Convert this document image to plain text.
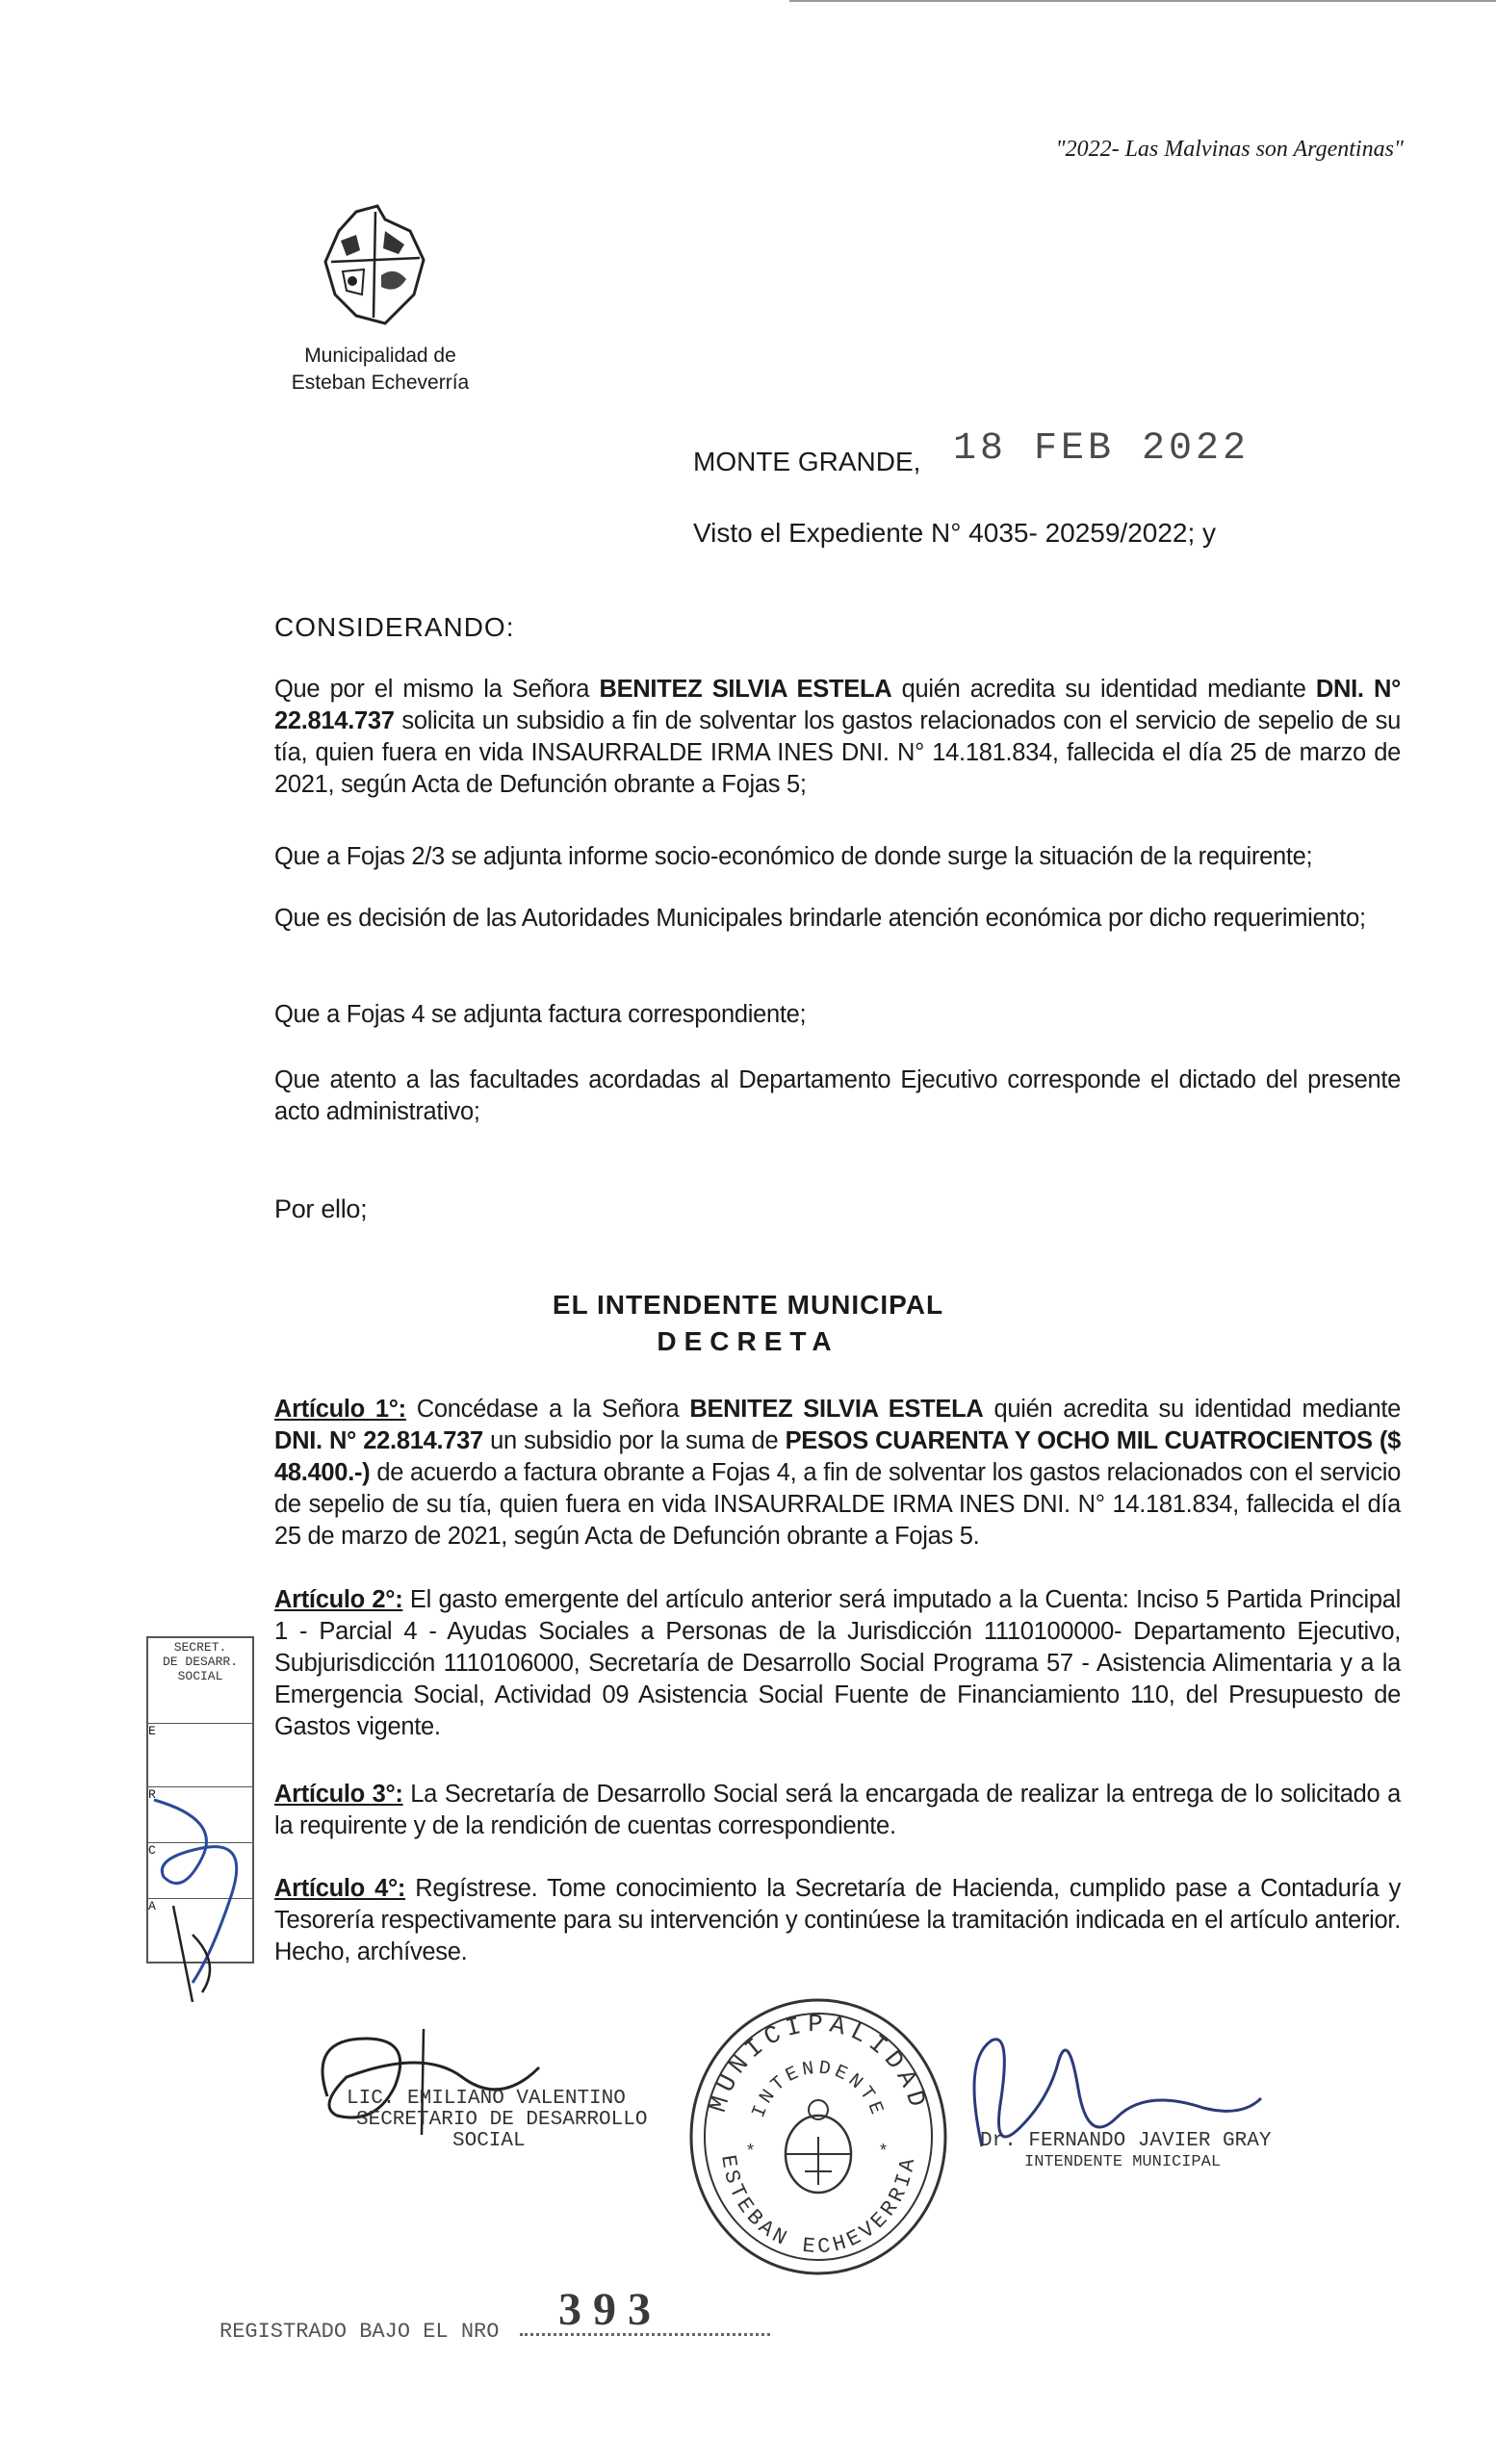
"2022- Las Malvinas son Argentinas"
Municipalidad de
Esteban Echeverría
MONTE GRANDE, 18 FEB 2022
Visto el Expediente N° 4035- 20259/2022; y
CONSIDERANDO:
Que por el mismo la Señora BENITEZ SILVIA ESTELA quién acredita su identidad mediante DNI. N° 22.814.737 solicita un subsidio a fin de solventar los gastos relacionados con el servicio de sepelio de su tía, quien fuera en vida INSAURRALDE IRMA INES DNI. N° 14.181.834, fallecida el día 25 de marzo de 2021, según Acta de Defunción obrante a Fojas 5;
Que a Fojas 2/3 se adjunta informe socio-económico de donde surge la situación de la requirente;
Que es decisión de las Autoridades Municipales brindarle atención económica por dicho requerimiento;
Que a Fojas 4 se adjunta factura correspondiente;
Que atento a las facultades acordadas al Departamento Ejecutivo corresponde el dictado del presente acto administrativo;
Por ello;
EL INTENDENTE MUNICIPAL
DECRETA
Artículo 1°: Concédase a la Señora BENITEZ SILVIA ESTELA quién acredita su identidad mediante DNI. N° 22.814.737 un subsidio por la suma de PESOS CUARENTA Y OCHO MIL CUATROCIENTOS ($ 48.400.-) de acuerdo a factura obrante a Fojas 4, a fin de solventar los gastos relacionados con el servicio de sepelio de su tía, quien fuera en vida INSAURRALDE IRMA INES DNI. N° 14.181.834, fallecida el día 25 de marzo de 2021, según Acta de Defunción obrante a Fojas 5.
Artículo 2°: El gasto emergente del artículo anterior será imputado a la Cuenta: Inciso 5 Partida Principal 1 - Parcial 4 - Ayudas Sociales a Personas de la Jurisdicción 1110100000- Departamento Ejecutivo, Subjurisdicción 1110106000, Secretaría de Desarrollo Social Programa 57 - Asistencia Alimentaria y a la Emergencia Social, Actividad 09 Asistencia Social Fuente de Financiamiento 110, del Presupuesto de Gastos vigente.
Artículo 3°: La Secretaría de Desarrollo Social será la encargada de realizar la entrega de lo solicitado a la requirente y de la rendición de cuentas correspondiente.
Artículo 4°: Regístrese. Tome conocimiento la Secretaría de Hacienda, cumplido pase a Contaduría y Tesorería respectivamente para su intervención y continúese la tramitación indicada en el artículo anterior. Hecho, archívese.
SECRET.
DE DESARR.
SOCIAL
E
R
C
A
LIC. EMILIANO VALENTINO
SECRETARIO DE DESARROLLO
SOCIAL
MUNICIPALIDAD
INTENDENTE
ESTEBAN ECHEVERRIA
*	*	Dr. FERNANDO JAVIER GRAY
INTENDENTE MUNICIPAL
393
REGISTRADO BAJO EL NRO
